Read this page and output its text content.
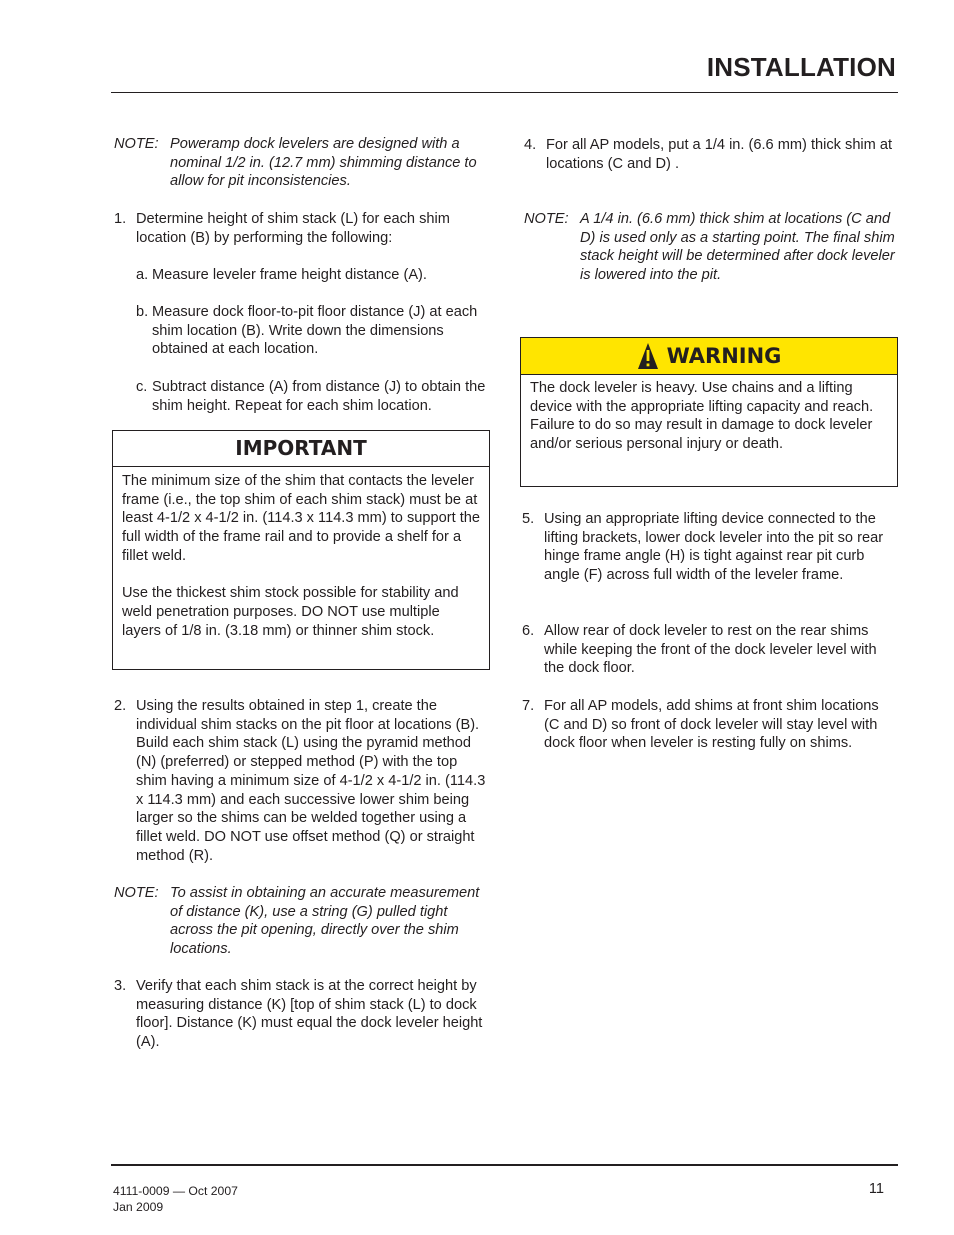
INSTALLATION

NOTE: Poweramp dock levelers are designed with a nominal 1/2 in. (12.7 mm) shimming distance to allow for pit inconsistencies.

1. Determine height of shim stack (L) for each shim location (B) by performing the following:

a. Measure leveler frame height distance (A).

b. Measure dock floor-to-pit floor distance (J) at each shim location (B). Write down the dimensions obtained at each location.

c. Subtract distance (A) from distance (J) to obtain the shim height. Repeat for each shim location.

IMPORTANT

The minimum size of the shim that contacts the leveler frame (i.e., the top shim of each shim stack) must be at least 4-1/2 x 4-1/2 in. (114.3 x 114.3 mm) to support the full width of the frame rail and to provide a shelf for a fillet weld.

Use the thickest shim stock possible for stability and weld penetration purposes. DO NOT use multiple layers of 1/8 in. (3.18 mm) or thinner shim stock.

2. Using the results obtained in step 1, create the individual shim stacks on the pit floor at locations (B). Build each shim stack (L) using the pyramid method (N) (preferred) or stepped method (P) with the top shim having a minimum size of 4-1/2 x 4-1/2 in. (114.3 x 114.3 mm) and each successive lower shim being larger so the shims can be welded together using a fillet weld. DO NOT use offset method (Q) or straight method (R).

NOTE: To assist in obtaining an accurate measurement of distance (K), use a string (G) pulled tight across the pit opening, directly over the shim locations.

3. Verify that each shim stack is at the correct height by measuring distance (K) [top of shim stack (L) to dock floor]. Distance (K) must equal the dock leveler height (A).

4. For all AP models, put a 1/4 in. (6.6 mm) thick shim at locations (C and D) .

NOTE: A 1/4 in. (6.6 mm) thick shim at locations (C and D) is used only as a starting point. The final shim stack height will be determined after dock leveler is lowered into the pit.

WARNING

The dock leveler is heavy. Use chains and a lifting device with the appropriate lifting capacity and reach. Failure to do so may result in damage to dock leveler and/or serious personal injury or death.

5. Using an appropriate lifting device connected to the lifting brackets, lower dock leveler into the pit so rear hinge frame angle (H) is tight against rear pit curb angle (F) across full width of the leveler frame.

6. Allow rear of dock leveler to rest on the rear shims while keeping the front of the dock leveler level with the dock floor.

7. For all AP models, add shims at front shim locations (C and D) so front of dock leveler will stay level with dock floor when leveler is resting fully on shims.

4111-0009 — Oct 2007
Jan 2009
11
